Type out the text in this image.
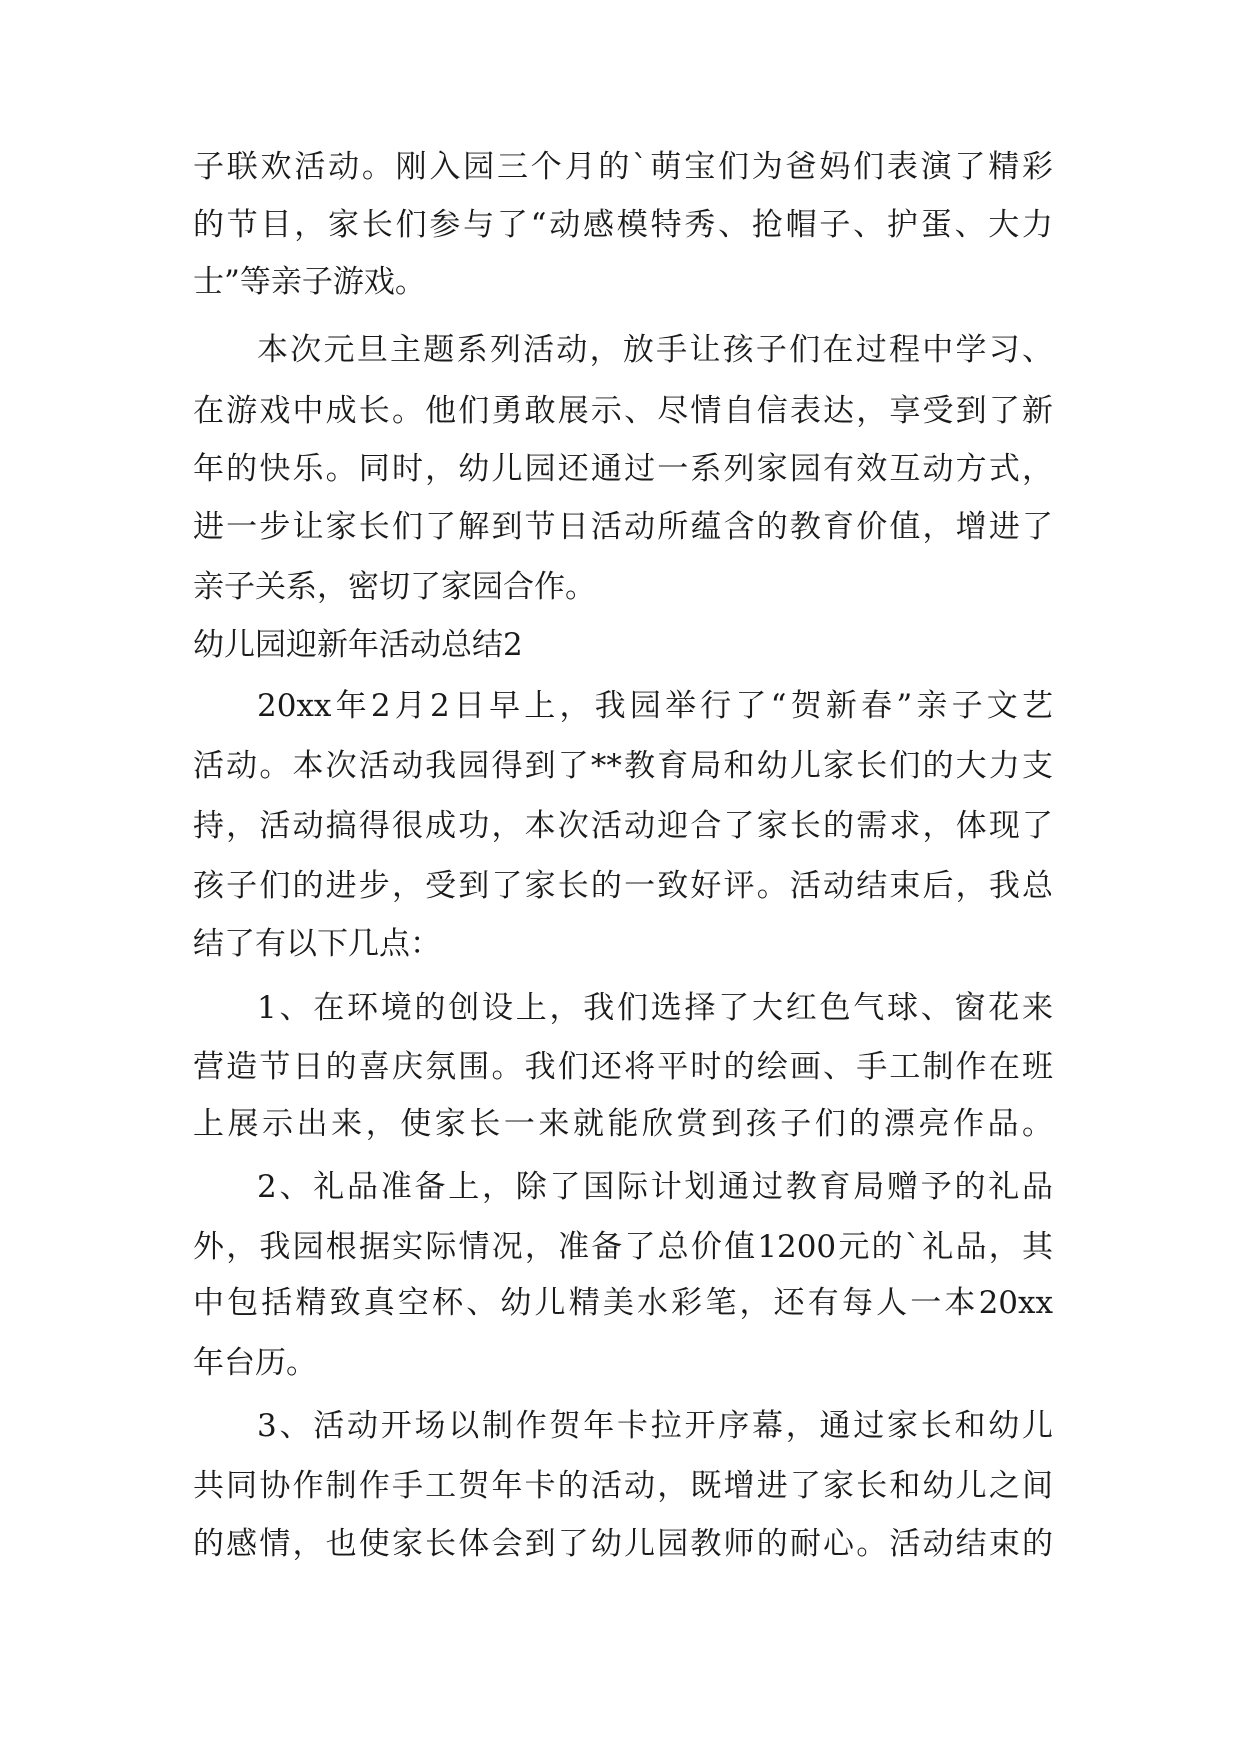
子联欢活动。刚入园三个月的`萌宝们为爸妈们表演了精彩
的节目，家长们参与了“动感模特秀、抢帽子、护蛋、大力
士”等亲子游戏。
本次元旦主题系列活动，放手让孩子们在过程中学习、
在游戏中成长。他们勇敢展示、尽情自信表达，享受到了新
年的快乐。同时，幼儿园还通过一系列家园有效互动方式，
进一步让家长们了解到节日活动所蕴含的教育价值，增进了
亲子关系，密切了家园合作。
幼儿园迎新年活动总结2
20xx年2月2日早上，我园举行了“贺新春”亲子文艺
活动。本次活动我园得到了**教育局和幼儿家长们的大力支
持，活动搞得很成功，本次活动迎合了家长的需求，体现了
孩子们的进步，受到了家长的一致好评。活动结束后，我总
结了有以下几点：
1、在环境的创设上，我们选择了大红色气球、窗花来
营造节日的喜庆氛围。我们还将平时的绘画、手工制作在班
上展示出来，使家长一来就能欣赏到孩子们的漂亮作品。
2、礼品准备上，除了国际计划通过教育局赠予的礼品
外，我园根据实际情况，准备了总价值1200元的`礼品，其
中包括精致真空杯、幼儿精美水彩笔，还有每人一本20xx
年台历。
3、活动开场以制作贺年卡拉开序幕，通过家长和幼儿
共同协作制作手工贺年卡的活动，既增进了家长和幼儿之间
的感情，也使家长体会到了幼儿园教师的耐心。活动结束的
